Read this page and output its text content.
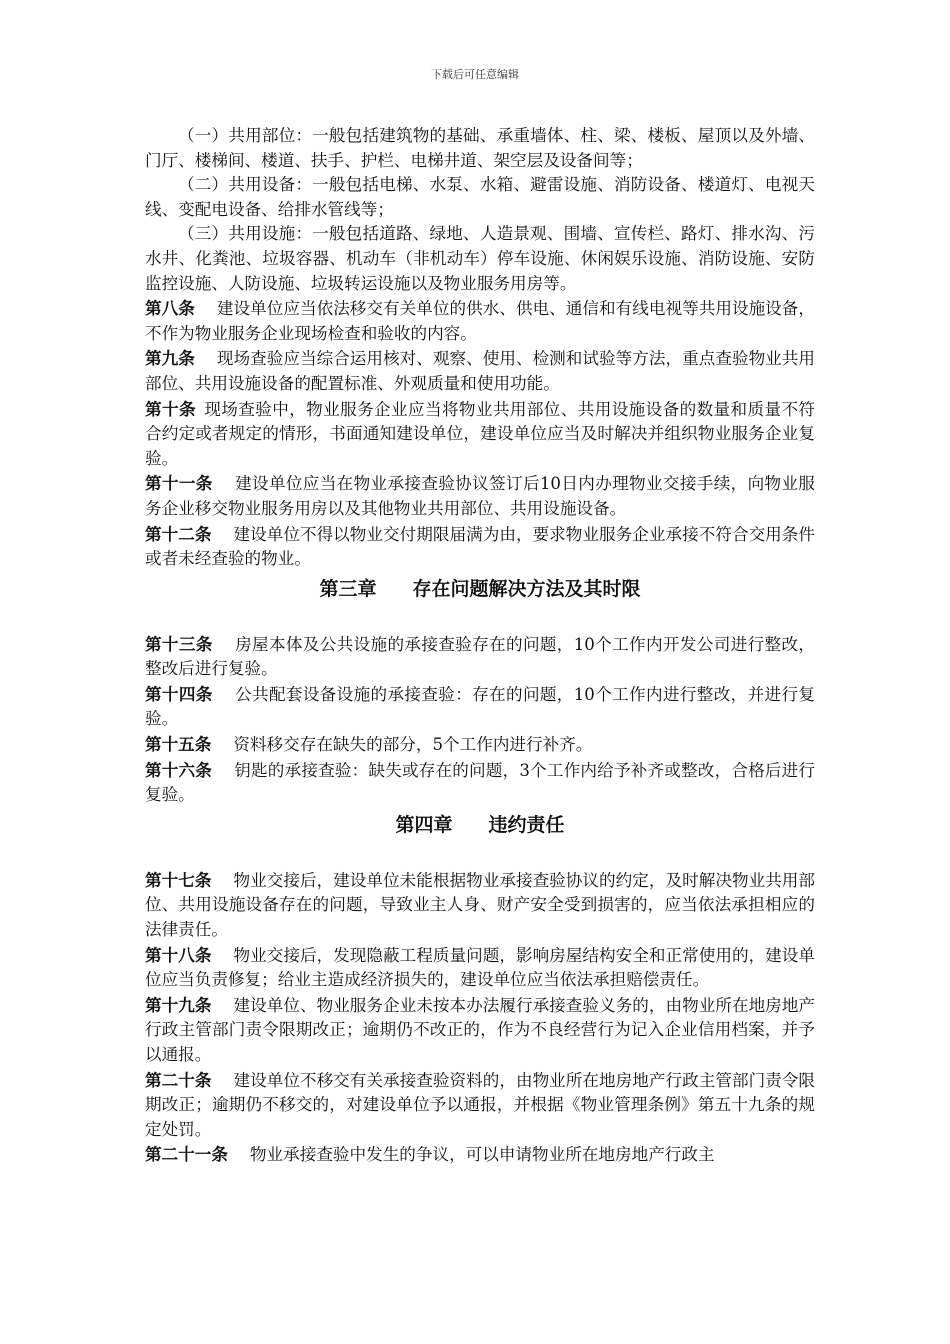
下载后可任意编辑

（一）共用部位：一般包括建筑物的基础、承重墙体、柱、梁、楼板、屋顶以及外墙、门厅、楼梯间、楼道、扶手、护栏、电梯井道、架空层及设备间等；

（二）共用设备：一般包括电梯、水泵、水箱、避雷设施、消防设备、楼道灯、电视天线、变配电设备、给排水管线等；

（三）共用设施：一般包括道路、绿地、人造景观、围墙、宣传栏、路灯、排水沟、污水井、化粪池、垃圾容器、机动车（非机动车）停车设施、休闲娱乐设施、消防设施、安防监控设施、人防设施、垃圾转运设施以及物业服务用房等。

第八条 建设单位应当依法移交有关单位的供水、供电、通信和有线电视等共用设施设备，不作为物业服务企业现场检查和验收的内容。

第九条 现场查验应当综合运用核对、观察、使用、检测和试验等方法，重点查验物业共用部位、共用设施设备的配置标准、外观质量和使用功能。

第十条 现场查验中，物业服务企业应当将物业共用部位、共用设施设备的数量和质量不符合约定或者规定的情形，书面通知建设单位，建设单位应当及时解决并组织物业服务企业复验。

第十一条 建设单位应当在物业承接查验协议签订后10日内办理物业交接手续，向物业服务企业移交物业服务用房以及其他物业共用部位、共用设施设备。

第十二条 建设单位不得以物业交付期限届满为由，要求物业服务企业承接不符合交用条件或者未经查验的物业。

第三章 存在问题解决方法及其时限

第十三条 房屋本体及公共设施的承接查验存在的问题，10个工作内开发公司进行整改，整改后进行复验。

第十四条 公共配套设备设施的承接查验：存在的问题，10个工作内进行整改，并进行复验。

第十五条 资料移交存在缺失的部分，5个工作内进行补齐。

第十六条 钥匙的承接查验：缺失或存在的问题，3个工作内给予补齐或整改，合格后进行复验。

第四章 违约责任

第十七条 物业交接后，建设单位未能根据物业承接查验协议的约定，及时解决物业共用部位、共用设施设备存在的问题，导致业主人身、财产安全受到损害的，应当依法承担相应的法律责任。

第十八条 物业交接后，发现隐蔽工程质量问题，影响房屋结构安全和正常使用的，建设单位应当负责修复；给业主造成经济损失的，建设单位应当依法承担赔偿责任。

第十九条 建设单位、物业服务企业未按本办法履行承接查验义务的，由物业所在地房地产行政主管部门责令限期改正；逾期仍不改正的，作为不良经营行为记入企业信用档案，并予以通报。

第二十条 建设单位不移交有关承接查验资料的，由物业所在地房地产行政主管部门责令限期改正；逾期仍不移交的，对建设单位予以通报，并根据《物业管理条例》第五十九条的规定处罚。

第二十一条 物业承接查验中发生的争议，可以申请物业所在地房地产行政主
